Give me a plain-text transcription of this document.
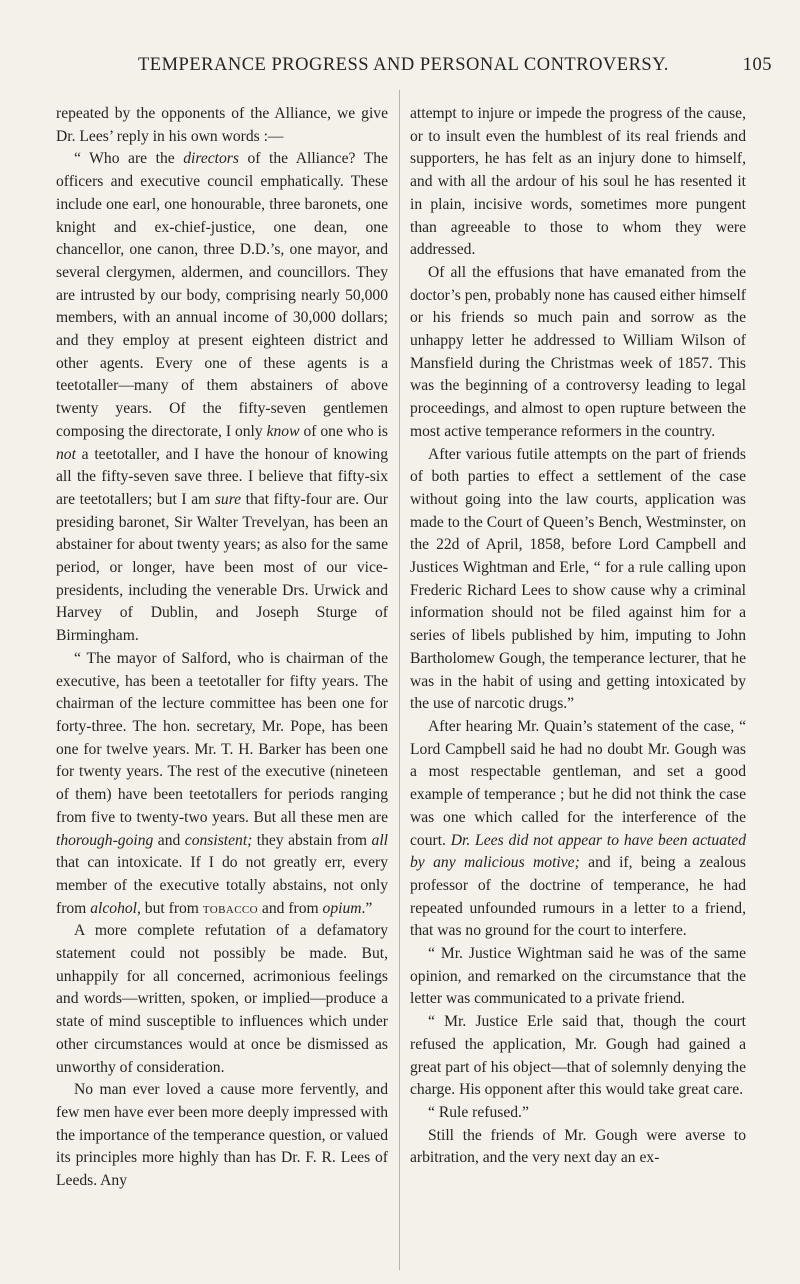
TEMPERANCE PROGRESS AND PERSONAL CONTROVERSY.	105

repeated by the opponents of the Alliance, we give Dr. Lees’ reply in his own words :—

“ Who are the directors of the Alliance? The officers and executive council emphatically. These include one earl, one honourable, three baronets, one knight and ex-chief-justice, one dean, one chancellor, one canon, three D.D.’s, one mayor, and several clergymen, aldermen, and councillors. They are intrusted by our body, comprising nearly 50,000 members, with an annual income of 30,000 dollars; and they employ at present eighteen district and other agents. Every one of these agents is a teetotaller—many of them abstainers of above twenty years. Of the fifty-seven gentlemen composing the directorate, I only know of one who is not a teetotaller, and I have the honour of knowing all the fifty-seven save three. I believe that fifty-six are teetotallers; but I am sure that fifty-four are. Our presiding baronet, Sir Walter Trevelyan, has been an abstainer for about twenty years; as also for the same period, or longer, have been most of our vice-presidents, including the venerable Drs. Urwick and Harvey of Dublin, and Joseph Sturge of Birmingham.

“ The mayor of Salford, who is chairman of the executive, has been a teetotaller for fifty years. The chairman of the lecture committee has been one for forty-three. The hon. secretary, Mr. Pope, has been one for twelve years. Mr. T. H. Barker has been one for twenty years. The rest of the executive (nineteen of them) have been teetotallers for periods ranging from five to twenty-two years. But all these men are thorough-going and consistent; they abstain from all that can intoxicate. If I do not greatly err, every member of the executive totally abstains, not only from alcohol, but from tobacco and from opium.”

A more complete refutation of a defamatory statement could not possibly be made. But, unhappily for all concerned, acrimonious feelings and words—written, spoken, or implied—produce a state of mind susceptible to influences which under other circumstances would at once be dismissed as unworthy of consideration.

No man ever loved a cause more fervently, and few men have ever been more deeply impressed with the importance of the temperance question, or valued its principles more highly than has Dr. F. R. Lees of Leeds. Any

attempt to injure or impede the progress of the cause, or to insult even the humblest of its real friends and supporters, he has felt as an injury done to himself, and with all the ardour of his soul he has resented it in plain, incisive words, sometimes more pungent than agreeable to those to whom they were addressed.

Of all the effusions that have emanated from the doctor’s pen, probably none has caused either himself or his friends so much pain and sorrow as the unhappy letter he addressed to William Wilson of Mansfield during the Christmas week of 1857. This was the beginning of a controversy leading to legal proceedings, and almost to open rupture between the most active temperance reformers in the country.

After various futile attempts on the part of friends of both parties to effect a settlement of the case without going into the law courts, application was made to the Court of Queen’s Bench, Westminster, on the 22d of April, 1858, before Lord Campbell and Justices Wightman and Erle, “ for a rule calling upon Frederic Richard Lees to show cause why a criminal information should not be filed against him for a series of libels published by him, imputing to John Bartholomew Gough, the temperance lecturer, that he was in the habit of using and getting intoxicated by the use of narcotic drugs.”

After hearing Mr. Quain’s statement of the case, “ Lord Campbell said he had no doubt Mr. Gough was a most respectable gentleman, and set a good example of temperance ; but he did not think the case was one which called for the interference of the court. Dr. Lees did not appear to have been actuated by any malicious motive; and if, being a zealous professor of the doctrine of temperance, he had repeated unfounded rumours in a letter to a friend, that was no ground for the court to interfere.

“ Mr. Justice Wightman said he was of the same opinion, and remarked on the circumstance that the letter was communicated to a private friend.

“ Mr. Justice Erle said that, though the court refused the application, Mr. Gough had gained a great part of his object—that of solemnly denying the charge. His opponent after this would take great care.

“ Rule refused.”

Still the friends of Mr. Gough were averse to arbitration, and the very next day an ex-
